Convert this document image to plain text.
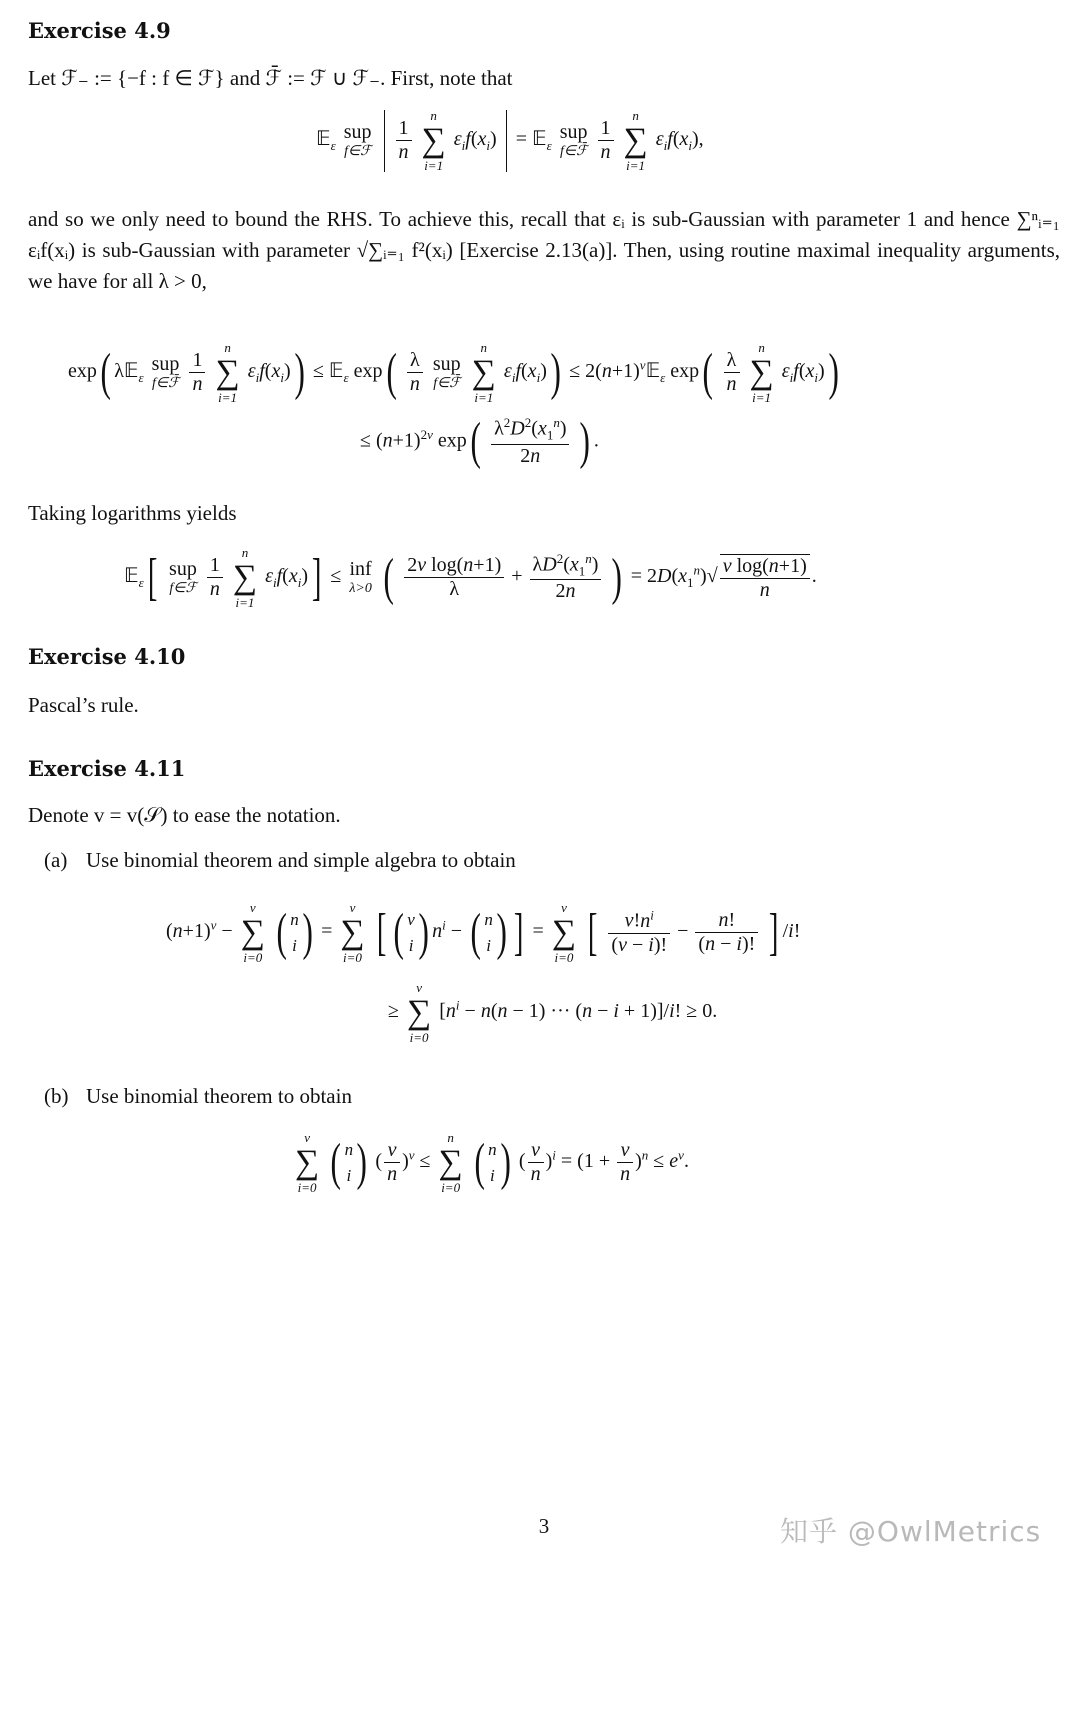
Exercise 4.9
Let ℱ₋ := {−f : f ∈ ℱ} and ℱ̄ := ℱ ∪ ℱ₋. First, note that
𝔼$_\varepsilon$ sup
f∈ℱ
$\frac{1}{n}$

n
∑
i=1
$\varepsilon_if(x_i)$  = 𝔼$_\varepsilon$ sup
f∈ℱ̄
$\frac{1}{n}$

n
∑
i=1
$\varepsilon_if(x_i)$,
and so we only need to bound the RHS. To achieve this, recall that εᵢ is sub-Gaussian with parameter 1 and hence ∑ⁿᵢ₌₁ εᵢf(xᵢ) is sub-Gaussian with parameter √∑ᵢ₌₁ f²(xᵢ) [Exercise 2.13(a)]. Then, using routine maximal inequality arguments, we have for all λ > 0,
exp( λ𝔼$_\varepsilon$ sup
f∈ℱ̄
$\frac{1}{n}$

n
∑
i=1
$\varepsilon_if(x_i)$) ≤ 𝔼$_\varepsilon$ $\exp( \frac{\lambda}{n}$ sup
f∈ℱ̄

n
∑
i=1
$\varepsilon_if(x_i)$) ≤ $2(n+1)^v𝔼_\varepsilon$ $\exp( \frac{\lambda}{n}$

n
∑
i=1
$\varepsilon_if(x_i)$)
≤ $(n+1)^{2v}$ $\exp( \frac{\lambda^2D^2(x_1^n)}{2n}$ ) .
Taking logarithms yields
𝔼$_\varepsilon$[ sup
f∈ℱ
$\frac{1}{n}$

n
∑
i=1
$\varepsilon_if(x_i)$] ≤ inf
λ>0 ( $\frac{\text{2v log(n+1)}}{\lambda} + \frac{\lambda D^2(x_1^n)}{2n}$ ) = $2D(x_1^n)√ \frac{\text{v log(n+1)}}{n}$ .
Exercise 4.10
Pascal’s rule.
Exercise 4.11
Denote v = v(𝒮) to ease the notation.
(a) Use binomial theorem and simple algebra to obtain
$(n+1)^v$ −
v
∑
i=0 ( n
i ) =
v
∑
i=0 [ ( v
i ) $n^i$ − ( n
i ) ] =
v
∑
i=0 [ $\frac{v!n^i}{(v - i)!} - \frac{n!}{(n - i)!}$ ] /i!
≥
v
∑
i=0
[$n^i - n(n - 1)$ ··· (n − i + 1)]/i! ≥ 0.
(b) Use binomial theorem to obtain
v
∑
i=0 ( n
i ) ( $\frac{v}{n} )^v$ ≤
n
∑
i=0 ( n
i ) ( $\frac{v}{n} )^i = (1 + \frac{v}{n} )^n \le e^v$.
3	知乎 @OwlMetrics
